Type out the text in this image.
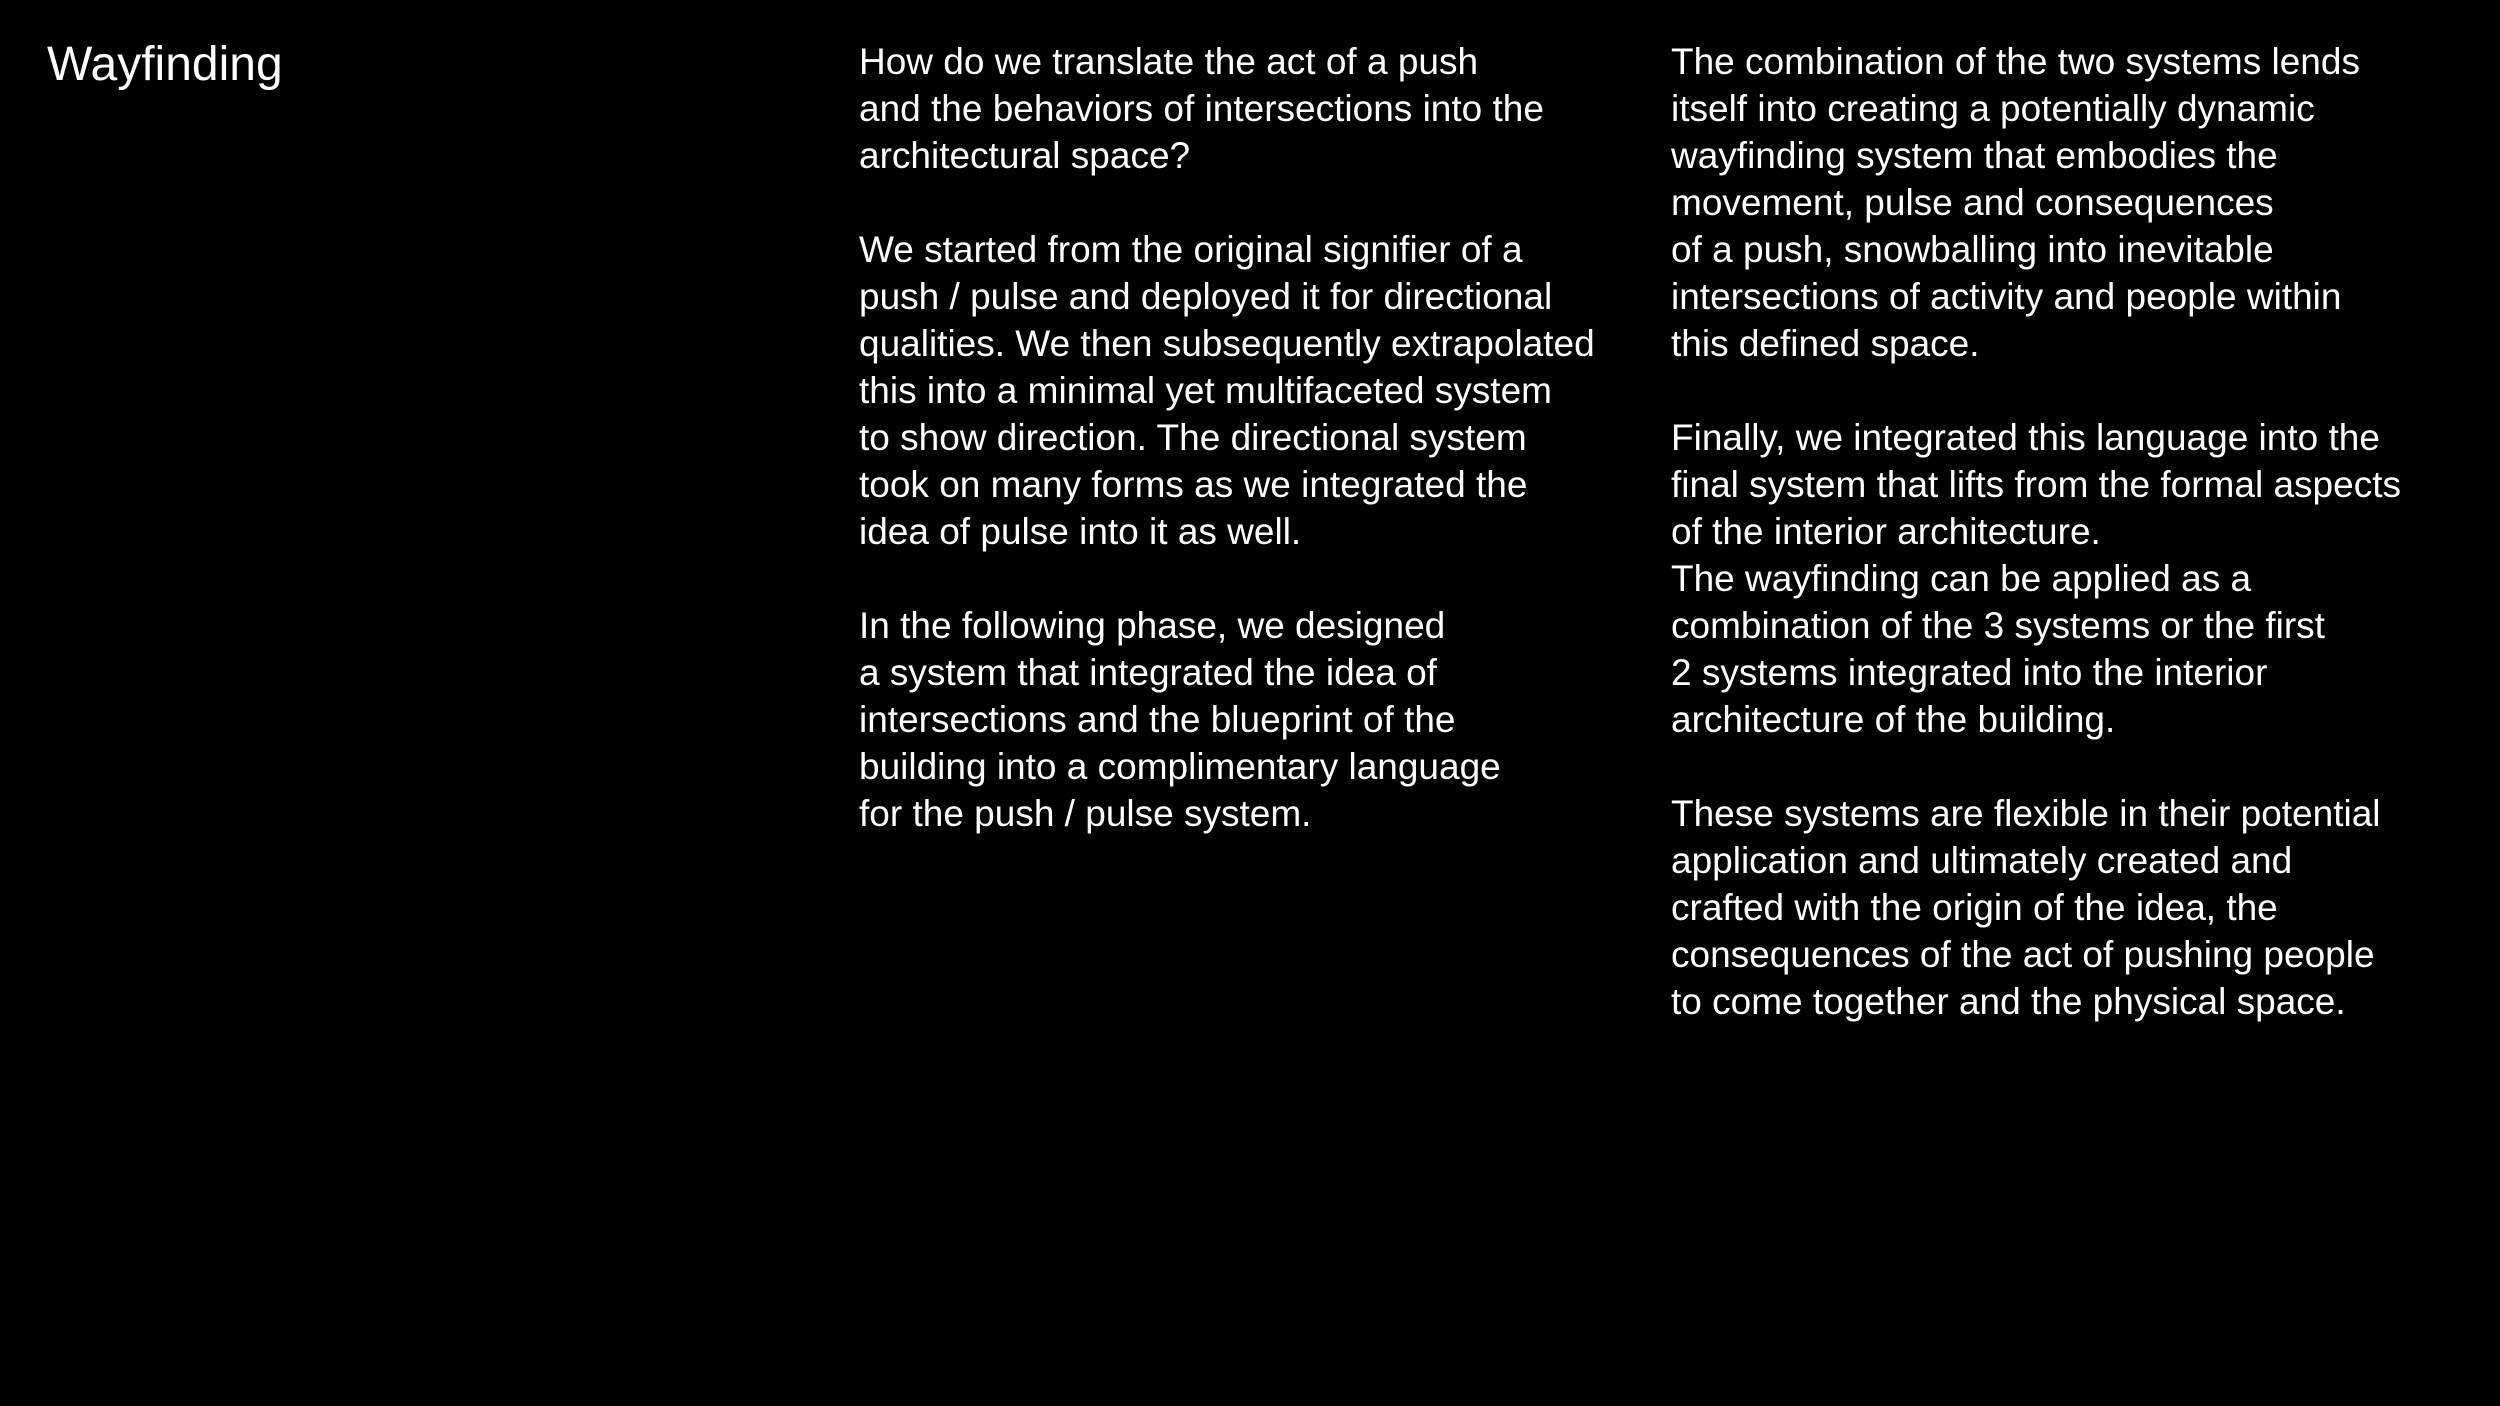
Wayfinding	How do we translate the act of a push
and the behaviors of intersections into the
architectural space?

We started from the original signifier of a
push / pulse and deployed it for directional
qualities. We then subsequently extrapolated
this into a minimal yet multifaceted system
to show direction. The directional system
took on many forms as we integrated the
idea of pulse into it as well.

In the following phase, we designed
a system that integrated the idea of
intersections and the blueprint of the
building into a complimentary language
for the push / pulse system.

The combination of the two systems lends
itself into creating a potentially dynamic
wayfinding system that embodies the
movement, pulse and consequences
of a push, snowballing into inevitable
intersections of activity and people within
this defined space.

Finally, we integrated this language into the
final system that lifts from the formal aspects
of the interior architecture.

The wayfinding can be applied as a
combination of the 3 systems or the first
2 systems integrated into the interior
architecture of the building.

These systems are flexible in their potential
application and ultimately created and
crafted with the origin of the idea, the
consequences of the act of pushing people
to come together and the physical space.
